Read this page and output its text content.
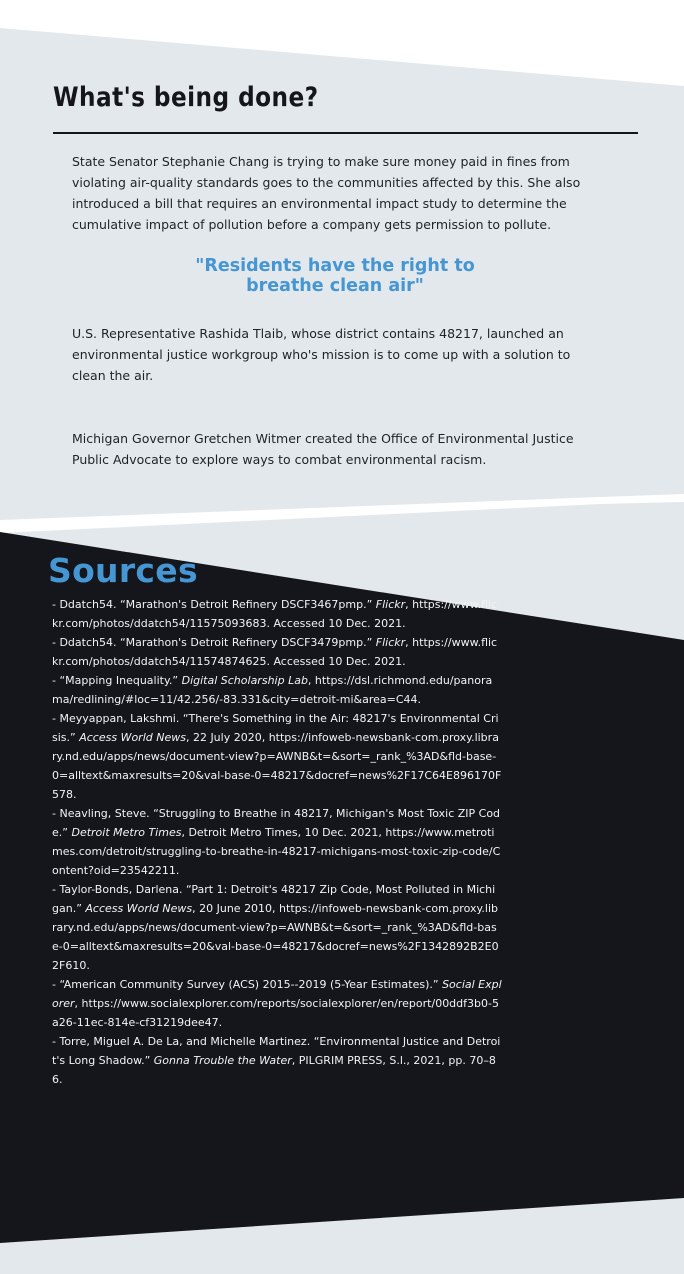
What's being done?

State Senator Stephanie Chang is trying to make sure money paid in fines from violating air-quality standards goes to the communities affected by this. She also introduced a bill that requires an environmental impact study to determine the cumulative impact of pollution before a company gets permission to pollute.

"Residents have the right to breathe clean air"

U.S. Representative Rashida Tlaib, whose district contains 48217, launched an environmental justice workgroup who's mission is to come up with a solution to clean the air.

Michigan Governor Gretchen Witmer created the Office of Environmental Justice Public Advocate to explore ways to combat environmental racism.

Sources
- Ddatch54. “Marathon's Detroit Refinery DSCF3467pmp.” Flickr, https://www.flickr.com/photos/ddatch54/11575093683. Accessed 10 Dec. 2021.
- Ddatch54. “Marathon's Detroit Refinery DSCF3479pmp.” Flickr, https://www.flickr.com/photos/ddatch54/11574874625. Accessed 10 Dec. 2021.
- “Mapping Inequality.” Digital Scholarship Lab, https://dsl.richmond.edu/panorama/redlining/#loc=11/42.256/-83.331&city=detroit-mi&area=C44.
- Meyyappan, Lakshmi. “There's Something in the Air: 48217's Environmental Crisis.” Access World News, 22 July 2020, https://infoweb-newsbank-com.proxy.library.nd.edu/apps/news/document-view?p=AWNB&t=&sort=_rank_%3AD&fld-base-0=alltext&maxresults=20&val-base-0=48217&docref=news%2F17C64E896170F578.
- Neavling, Steve. “Struggling to Breathe in 48217, Michigan's Most Toxic ZIP Code.” Detroit Metro Times, Detroit Metro Times, 10 Dec. 2021, https://www.metrotimes.com/detroit/struggling-to-breathe-in-48217-michigans-most-toxic-zip-code/Content?oid=23542211.
- Taylor-Bonds, Darlena. “Part 1: Detroit's 48217 Zip Code, Most Polluted in Michigan.” Access World News, 20 June 2010, https://infoweb-newsbank-com.proxy.library.nd.edu/apps/news/document-view?p=AWNB&t=&sort=_rank_%3AD&fld-base-0=alltext&maxresults=20&val-base-0=48217&docref=news%2F1342892B2E02F610.
- “American Community Survey (ACS) 2015--2019 (5-Year Estimates).” Social Explorer, https://www.socialexplorer.com/reports/socialexplorer/en/report/00ddf3b0-5a26-11ec-814e-cf31219dee47.
- Torre, Miguel A. De La, and Michelle Martinez. “Environmental Justice and Detroit's Long Shadow.” Gonna Trouble the Water, PILGRIM PRESS, S.l., 2021, pp. 70–86.
